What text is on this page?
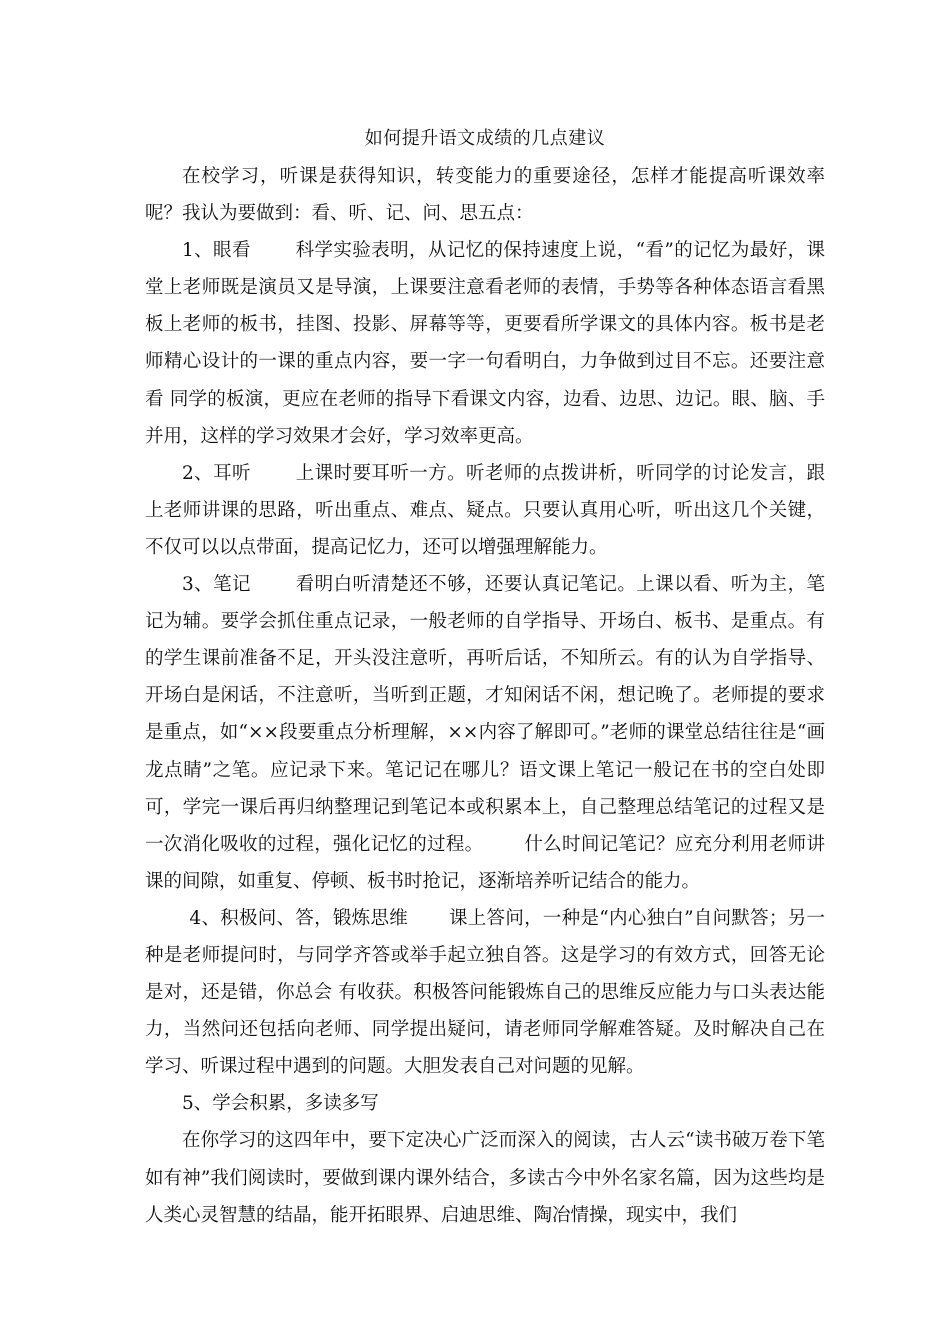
如何提升语文成绩的几点建议

在校学习，听课是获得知识，转变能力的重要途径，怎样才能提高听课效率呢？我认为要做到：看、听、记、问、思五点：

1、眼看 科学实验表明，从记忆的保持速度上说，“看”的记忆为最好，课堂上老师既是演员又是导演，上课要注意看老师的表情，手势等各种体态语言看黑板上老师的板书，挂图、投影、屏幕等等，更要看所学课文的具体内容。板书是老师精心设计的一课的重点内容，要一字一句看明白，力争做到过目不忘。还要注意看 同学的板演，更应在老师的指导下看课文内容，边看、边思、边记。眼、脑、手并用，这样的学习效果才会好，学习效率更高。

2、耳听 上课时要耳听一方。听老师的点拨讲析，听同学的讨论发言，跟上老师讲课的思路，听出重点、难点、疑点。只要认真用心听，听出这几个关键，不仅可以以点带面，提高记忆力，还可以增强理解能力。

3、笔记 看明白听清楚还不够，还要认真记笔记。上课以看、听为主，笔记为辅。要学会抓住重点记录，一般老师的自学指导、开场白、板书、是重点。有的学生课前准备不足，开头没注意听，再听后话，不知所云。有的认为自学指导、开场白是闲话，不注意听，当听到正题，才知闲话不闲，想记晚了。老师提的要求是重点，如“××段要重点分析理解，××内容了解即可。”老师的课堂总结往往是“画龙点睛”之笔。应记录下来。笔记记在哪儿？语文课上笔记一般记在书的空白处即可，学完一课后再归纳整理记到笔记本或积累本上，自己整理总结笔记的过程又是一次消化吸收的过程，强化记忆的过程。 什么时间记笔记？应充分利用老师讲课的间隙，如重复、停顿、板书时抢记，逐渐培养听记结合的能力。

4、积极问、答，锻炼思维 课上答问，一种是“内心独白”自问默答；另一种是老师提问时，与同学齐答或举手起立独自答。这是学习的有效方式，回答无论是对，还是错，你总会 有收获。积极答问能锻炼自己的思维反应能力与口头表达能力，当然问还包括向老师、同学提出疑问，请老师同学解难答疑。及时解决自己在学习、听课过程中遇到的问题。大胆发表自己对问题的见解。

5、学会积累，多读多写

在你学习的这四年中，要下定决心广泛而深入的阅读，古人云“读书破万卷下笔如有神”我们阅读时，要做到课内课外结合，多读古今中外名家名篇，因为这些均是人类心灵智慧的结晶，能开拓眼界、启迪思维、陶冶情操，现实中，我们
